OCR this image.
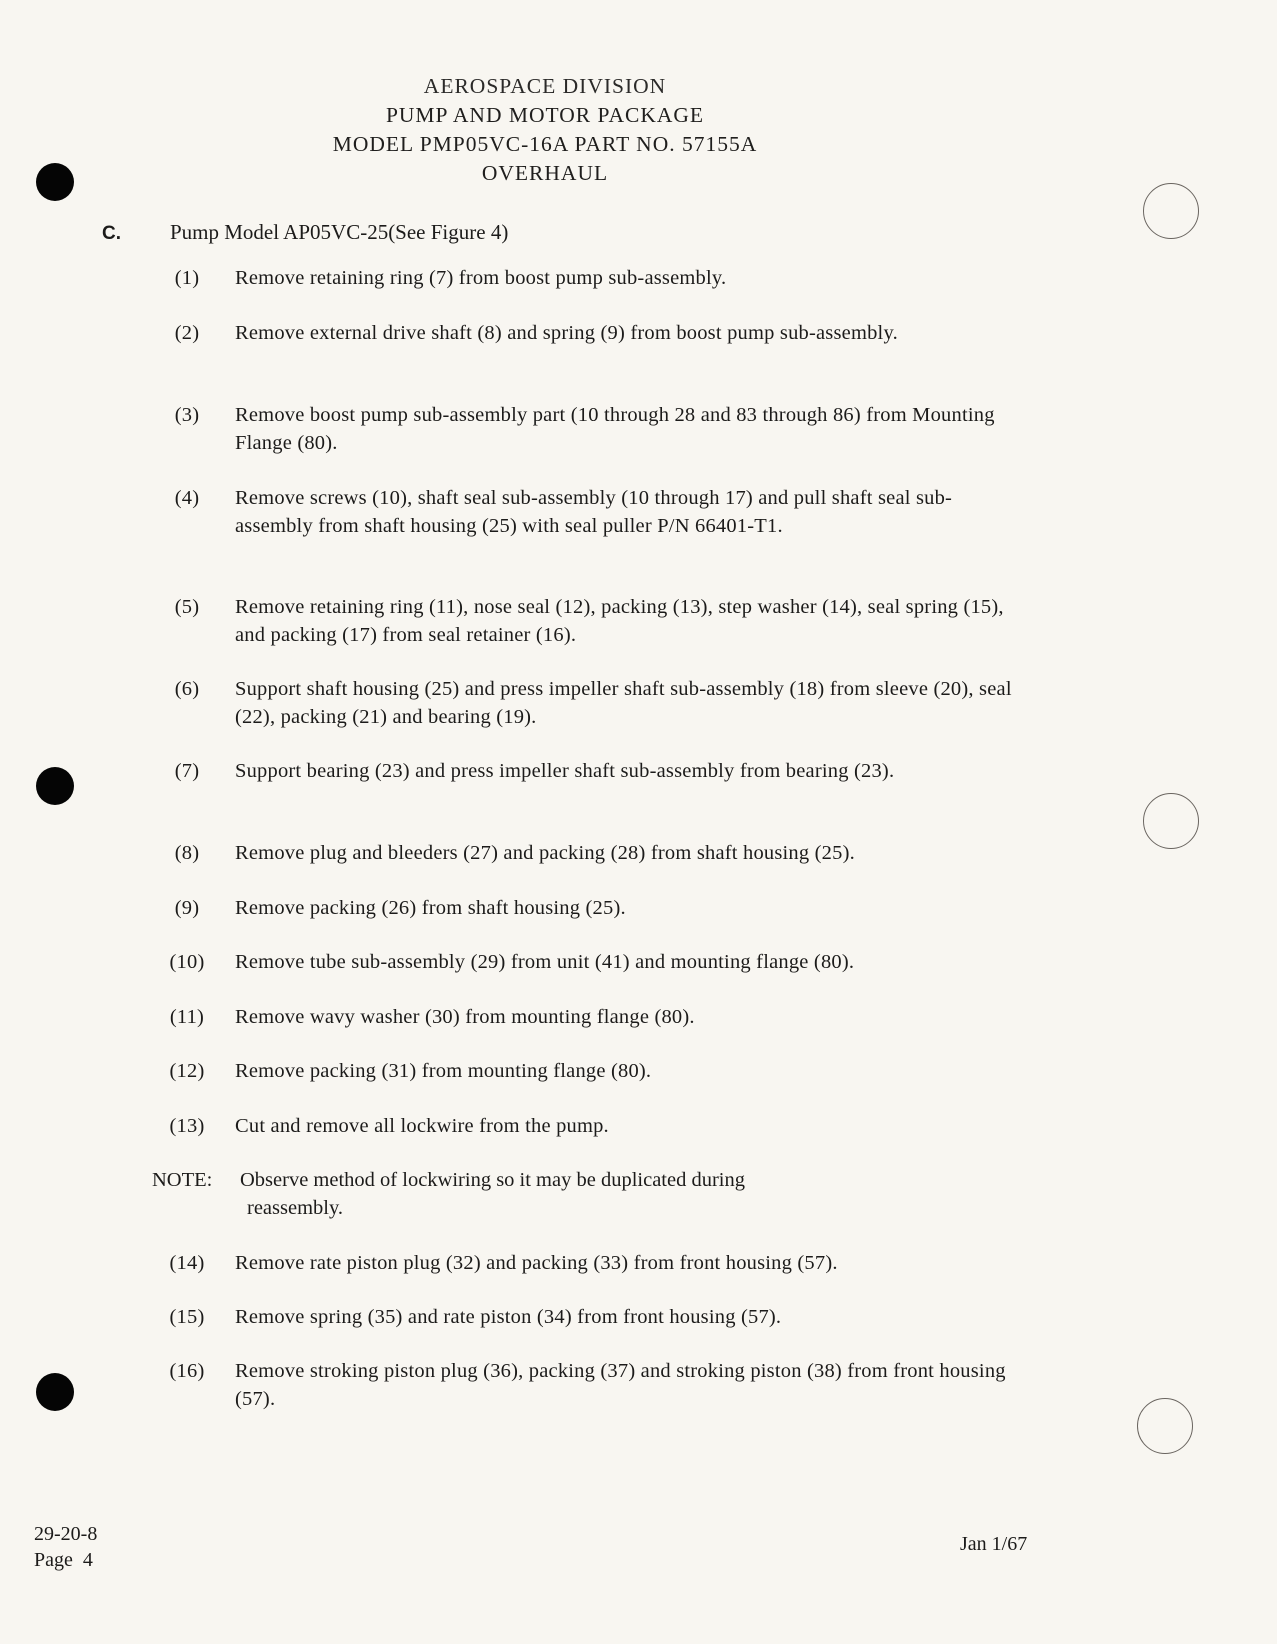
AEROSPACE DIVISION
PUMP AND MOTOR PACKAGE
MODEL PMP05VC-16A PART NO. 57155A
OVERHAUL
C. Pump Model AP05VC-25(See Figure 4)
(1)	Remove retaining ring (7) from boost pump sub-assembly.
(2)	Remove external drive shaft (8) and spring (9) from boost pump sub-assembly.
(3)	Remove boost pump sub-assembly part (10 through 28 and 83 through 86) from Mounting Flange (80).
(4)	Remove screws (10), shaft seal sub-assembly (10 through 17) and pull shaft seal sub-assembly from shaft housing (25) with seal puller P/N 66401-T1.
(5)	Remove retaining ring (11), nose seal (12), packing (13), step washer (14), seal spring (15), and packing (17) from seal retainer (16).
(6)	Support shaft housing (25) and press impeller shaft sub-assembly (18) from sleeve (20), seal (22), packing (21) and bearing (19).
(7)	Support bearing (23) and press impeller shaft sub-assembly from bearing (23).
(8)	Remove plug and bleeders (27) and packing (28) from shaft housing (25).
(9)	Remove packing (26) from shaft housing (25).
(10)	Remove tube sub-assembly (29) from unit (41) and mounting flange (80).
(11)	Remove wavy washer (30) from mounting flange (80).
(12)	Remove packing (31) from mounting flange (80).
(13)	Cut and remove all lockwire from the pump.
NOTE: Observe method of lockwiring so it may be duplicated during
reassembly.
(14)	Remove rate piston plug (32) and packing (33) from front housing (57).
(15)	Remove spring (35) and rate piston (34) from front housing (57).
(16)	Remove stroking piston plug (36), packing (37) and stroking piston (38) from front housing (57).
29-20-8
Page  4
Jan 1/67
